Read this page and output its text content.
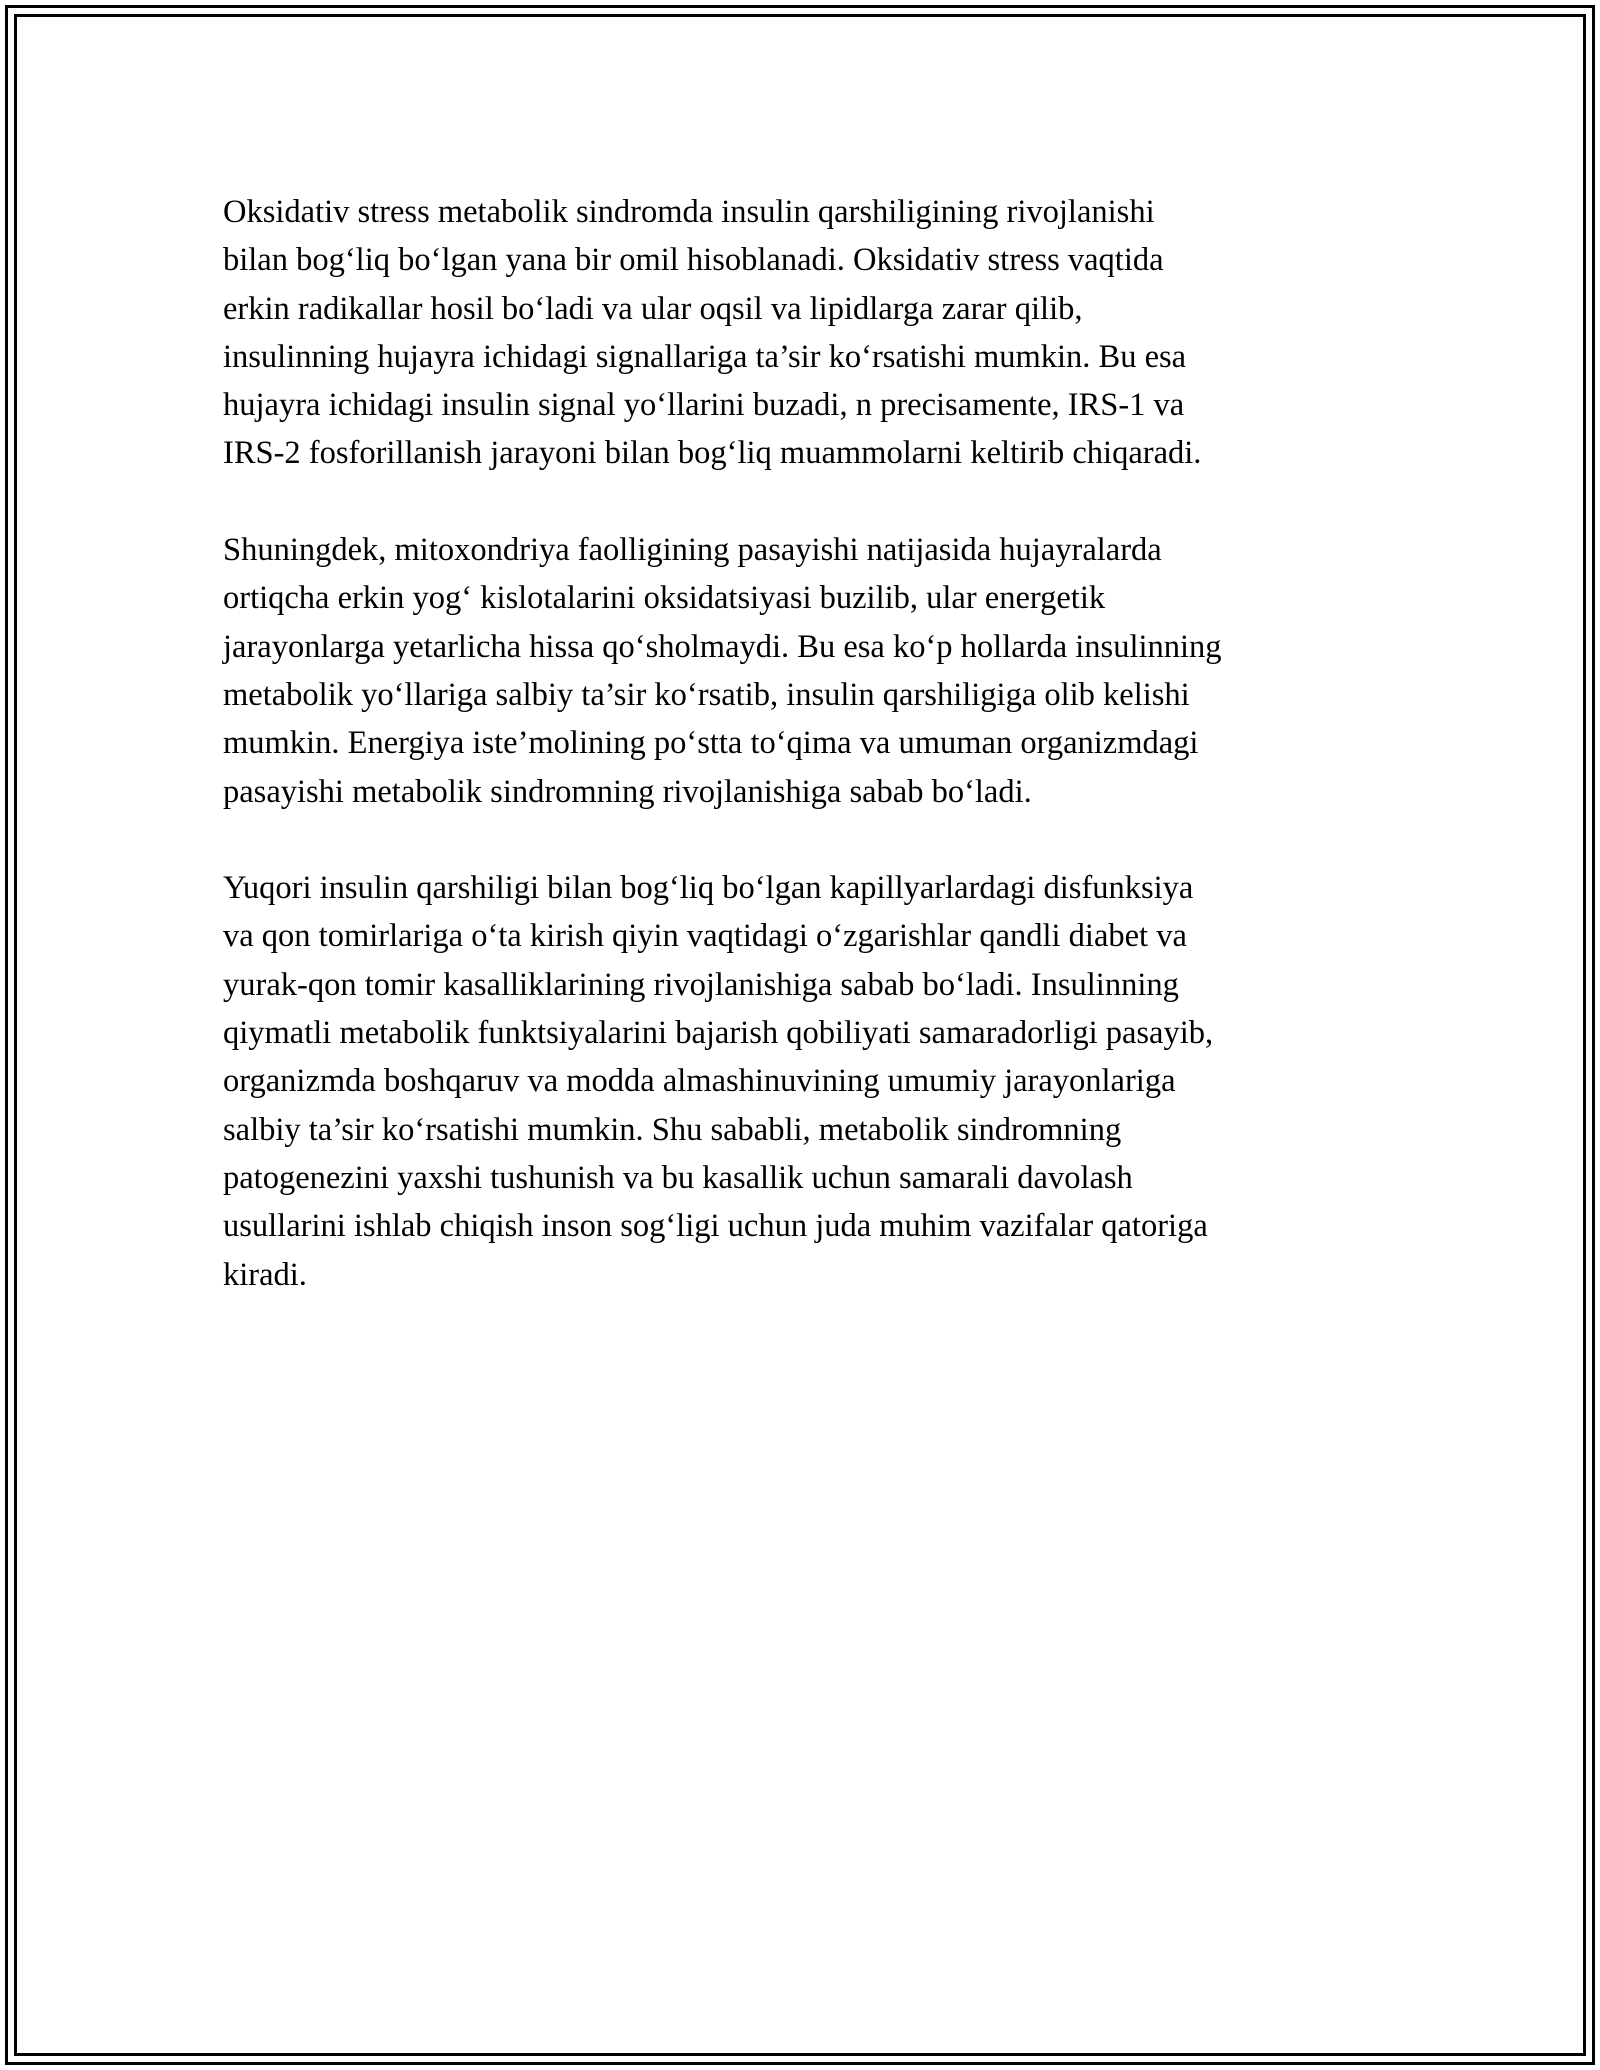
Oksidativ stress metabolik sindromda insulin qarshiligining rivojlanishi
bilan bog‘liq bo‘lgan yana bir omil hisoblanadi. Oksidativ stress vaqtida
erkin radikallar hosil bo‘ladi va ular oqsil va lipidlarga zarar qilib,
insulinning hujayra ichidagi signallariga ta’sir ko‘rsatishi mumkin. Bu esa
hujayra ichidagi insulin signal yo‘llarini buzadi, n precisamente, IRS-1 va
IRS-2 fosforillanish jarayoni bilan bog‘liq muammolarni keltirib chiqaradi.

Shuningdek, mitoxondriya faolligining pasayishi natijasida hujayralarda
ortiqcha erkin yog‘ kislotalarini oksidatsiyasi buzilib, ular energetik
jarayonlarga yetarlicha hissa qo‘sholmaydi. Bu esa ko‘p hollarda insulinning
metabolik yo‘llariga salbiy ta’sir ko‘rsatib, insulin qarshiligiga olib kelishi
mumkin. Energiya iste’molining po‘stta to‘qima va umuman organizmdagi
pasayishi metabolik sindromning rivojlanishiga sabab bo‘ladi.

Yuqori insulin qarshiligi bilan bog‘liq bo‘lgan kapillyarlardagi disfunksiya
va qon tomirlariga o‘ta kirish qiyin vaqtidagi o‘zgarishlar qandli diabet va
yurak-qon tomir kasalliklarining rivojlanishiga sabab bo‘ladi. Insulinning
qiymatli metabolik funktsiyalarini bajarish qobiliyati samaradorligi pasayib,
organizmda boshqaruv va modda almashinuvining umumiy jarayonlariga
salbiy ta’sir ko‘rsatishi mumkin. Shu sababli, metabolik sindromning
patogenezini yaxshi tushunish va bu kasallik uchun samarali davolash
usullarini ishlab chiqish inson sog‘ligi uchun juda muhim vazifalar qatoriga
kiradi.
